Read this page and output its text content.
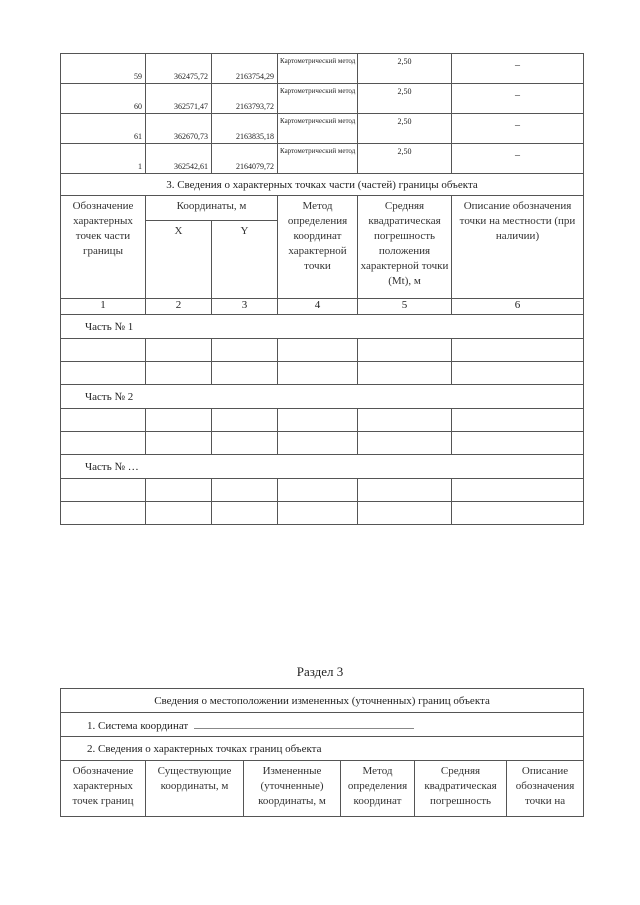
59	362475,72	2163754,29	Картометрический метод	2,50	–
60	362571,47	2163793,72	Картометрический метод	2,50	–
61	362670,73	2163835,18	Картометрический метод	2,50	–
1	362542,61	2164079,72	Картометрический метод	2,50	–
3. Сведения о характерных точках части (частей) границы объекта					
Обозначение характерных точек части границы	Координаты, м		Метод определения координат характерной точки	Средняя квадратическая погрешность положения характерной точки (Mt), м	Описание обозначения точки на местности (при наличии)
	X	Y			
1	2	3	4	5	6
Часть № 1					

Часть № 2					

Часть № …					

Раздел 3
Сведения о местоположении измененных (уточненных) границ объекта
1. Система координат
2. Сведения о характерных точках границ объекта
Обозначение характерных точек границ	Существующие координаты, м	Измененные (уточненные) координаты, м	Метод определения координат	Средняя квадратическая погрешность	Описание обозначения точки на
